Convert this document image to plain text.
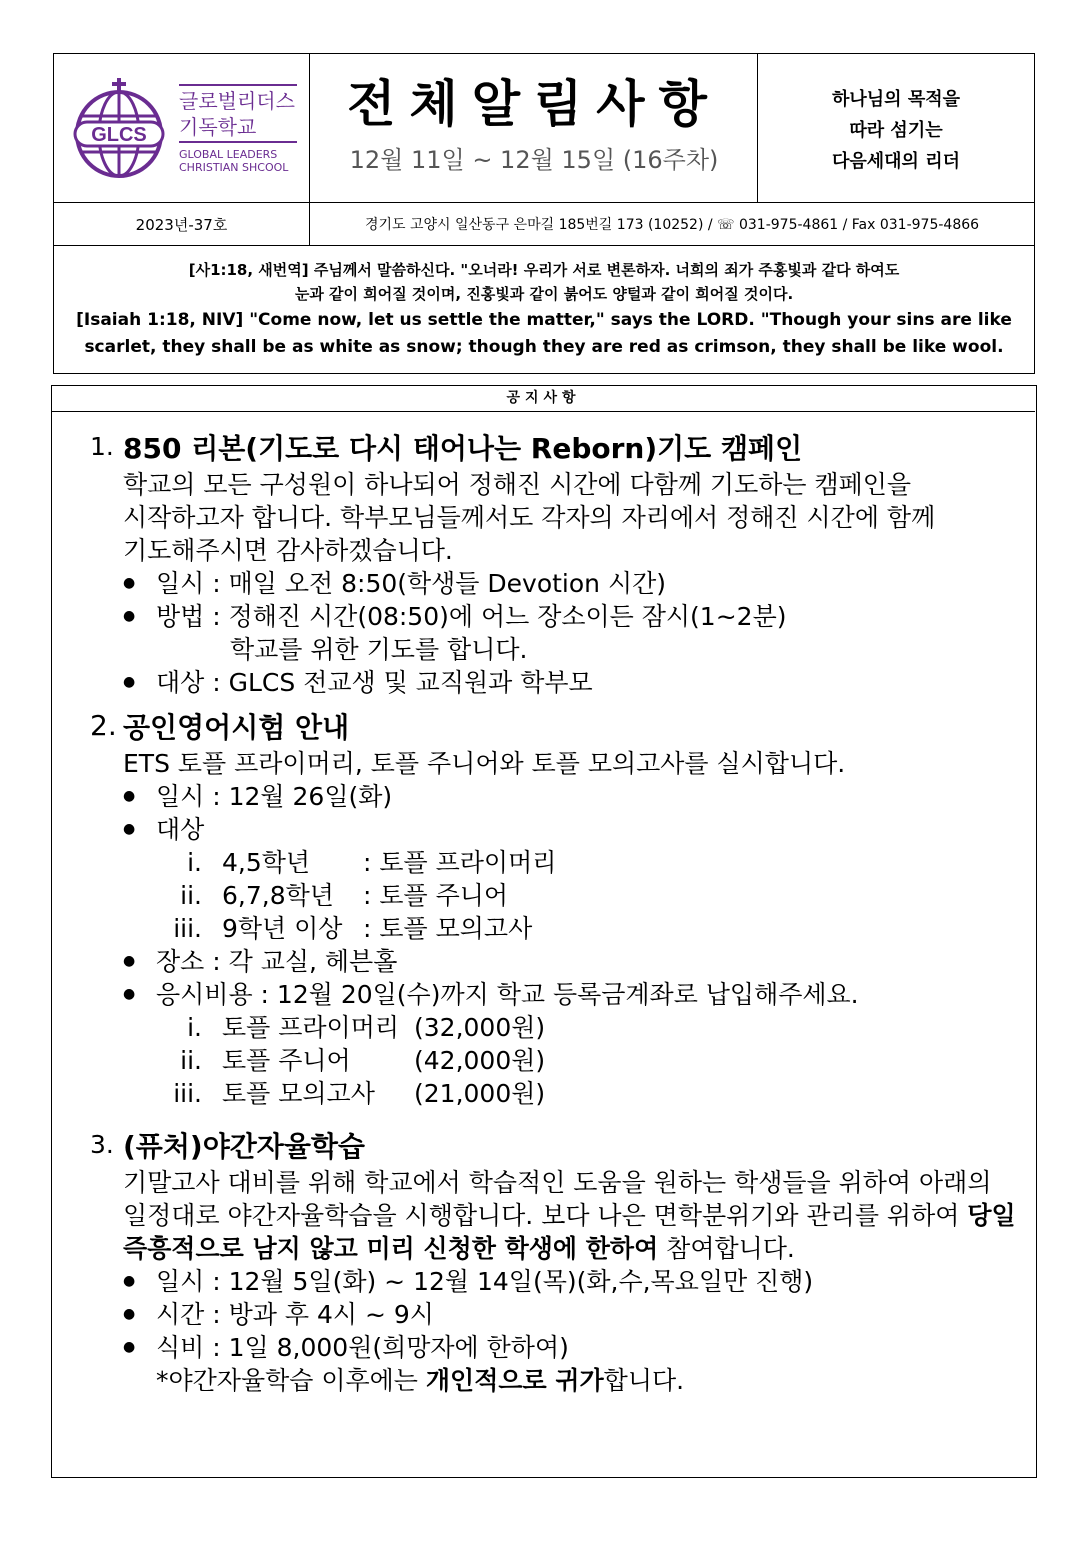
GLCS
글로벌리더스
기독학교
GLOBAL LEADERS
CHRISTIAN SHCOOL
전체알림사항
12월 11일 ~ 12월 15일 (16주차)
하나님의 목적을
따라 섬기는
다음세대의 리더
2023년-37호	경기도 고양시 일산동구 은마길 185번길 173 (10252) / ☏ 031-975-4861 / Fax 031-975-4866
[사1:18, 새번역] 주님께서 말씀하신다. "오너라! 우리가 서로 변론하자. 너희의 죄가 주홍빛과 같다 하여도
눈과 같이 희어질 것이며, 진홍빛과 같이 붉어도 양털과 같이 희어질 것이다.
[Isaiah 1:18, NIV] "Come now, let us settle the matter," says the LORD. "Though your sins are like
scarlet, they shall be as white as snow; though they are red as crimson, they shall be like wool.
공지사항
1. 850 리본(기도로 다시 태어나는 Reborn)기도 캠페인
학교의 모든 구성원이 하나되어 정해진 시간에 다함께 기도하는 캠페인을
시작하고자 합니다. 학부모님들께서도 각자의 자리에서 정해진 시간에 함께
기도해주시면 감사하겠습니다.
● 일시 : 매일 오전 8:50(학생들 Devotion 시간)
● 방법 : 정해진 시간(08:50)에 어느 장소이든 잠시(1~2분)
학교를 위한 기도를 합니다.
● 대상 : GLCS 전교생 및 교직원과 학부모
2. 공인영어시험 안내
ETS 토플 프라이머리, 토플 주니어와 토플 모의고사를 실시합니다.
● 일시 : 12월 26일(화)
● 대상
i. 4,5학년	: 토플 프라이머리
ii. 6,7,8학년	: 토플 주니어
iii. 9학년 이상 : 토플 모의고사
● 장소 : 각 교실, 헤븐홀
● 응시비용 : 12월 20일(수)까지 학교 등록금계좌로 납입해주세요.
i. 토플 프라이머리 (32,000원)
ii. 토플 주니어	(42,000원)
iii. 토플 모의고사	(21,000원)
3. (퓨처)야간자율학습
기말고사 대비를 위해 학교에서 학습적인 도움을 원하는 학생들을 위하여 아래의
일정대로 야간자율학습을 시행합니다. 보다 나은 면학분위기와 관리를 위하여 당일
즉흥적으로 남지 않고 미리 신청한 학생에 한하여 참여합니다.
● 일시 : 12월 5일(화) ~ 12월 14일(목)(화,수,목요일만 진행)
● 시간 : 방과 후 4시 ~ 9시
● 식비 : 1일 8,000원(희망자에 한하여)
*야간자율학습 이후에는 개인적으로 귀가합니다.
